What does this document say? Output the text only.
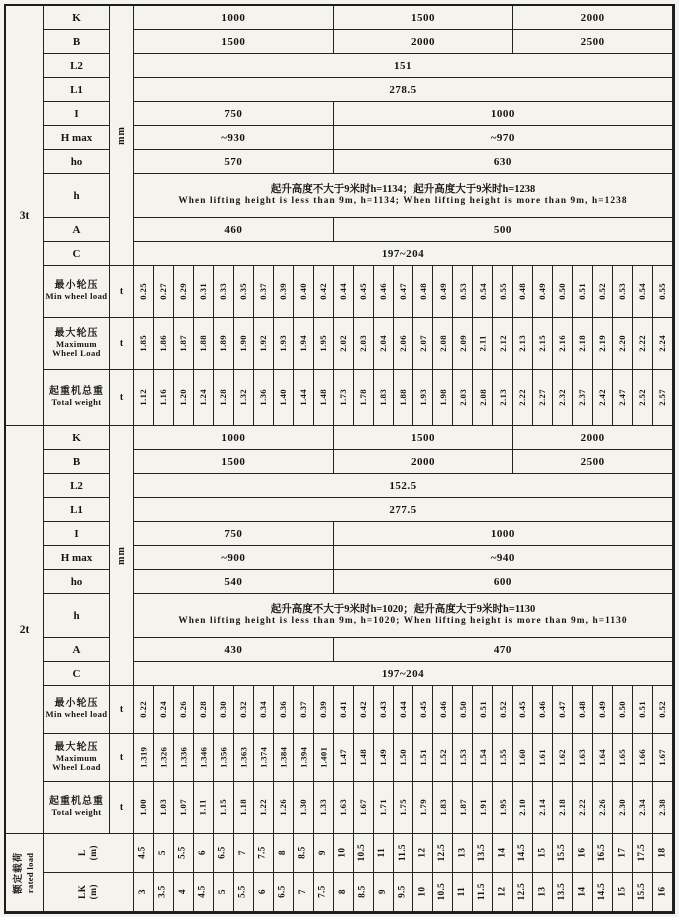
3t
mm
K	1000	1500	2000
B	1500	2000	2500
L2	151
L1	278.5
I	750	1000
H max	~930	~970
ho	570	630
h	起升高度不大于9米时h=1134；起升高度大于9米时h=1238
When lifting height is less than 9m, h=1134; When lifting height is more than 9m, h=1238
A	460	500
C	197~204
最小轮压
Min wheel load	t	0.25 0.27 0.29 0.31 0.33 0.35 0.37 0.39 0.40 0.42 0.44 0.45 0.46 0.47 0.48 0.49 0.53 0.54 0.55 0.48 0.49 0.50 0.51 0.52 0.53 0.54 0.55
最大轮压
Maximum Wheel Load
t	1.85 1.86 1.87 1.88 1.89 1.90 1.92 1.93 1.94 1.95 2.02 2.03 2.04 2.06 2.07 2.08 2.09 2.11 2.12 2.13 2.15 2.16 2.18 2.19 2.20 2.22 2.24
起重机总重
Total weight	t	1.12 1.16 1.20 1.24 1.28 1.32 1.36 1.40 1.44 1.48 1.73 1.78 1.83 1.88 1.93 1.98 2.03 2.08 2.13 2.22 2.27 2.32 2.37 2.42 2.47 2.52 2.57
2t
mm
K	1000	1500	2000
B	1500	2000	2500
L2	152.5
L1	277.5
I	750	1000
H max	~900	~940
ho	540	600
h	起升高度不大于9米时h=1020；起升高度大于9米时h=1130
When lifting height is less than 9m, h=1020; When lifting height is more than 9m, h=1130
A	430	470
C	197~204
最小轮压
Min wheel load	t	0.22 0.24 0.26 0.28 0.30 0.32 0.34 0.36 0.37 0.39 0.41 0.42 0.43 0.44 0.45 0.46 0.50 0.51 0.52 0.45 0.46 0.47 0.48 0.49 0.50 0.51 0.52
最大轮压
Maximum Wheel Load
t	1.319 1.326 1.336 1.346 1.356 1.363 1.374 1.384 1.394 1.401 1.47 1.48 1.49 1.50 1.51 1.52 1.53 1.54 1.55 1.60 1.61 1.62 1.63 1.64 1.65 1.66 1.67
起重机总重
Total weight	t	1.00 1.03 1.07 1.11 1.15 1.18 1.22 1.26 1.30 1.33 1.63 1.67 1.71 1.75 1.79 1.83 1.87 1.91 1.95 2.10 2.14 2.18 2.22 2.26 2.30 2.34 2.38
额定载荷 rated load	L (m)	4.5 5 5.5 6 6.5 7 7.5 8 8.5 9 10 10.5 11 11.5 12 12.5 13 13.5 14 14.5 15 15.5 16 16.5 17 17.5 18
LK (m)	3 3.5 4 4.5 5 5.5 6 6.5 7 7.5 8 8.5 9 9.5 10 10.5 11 11.5 12 12.5 13 13.5 14 14.5 15 15.5 16
